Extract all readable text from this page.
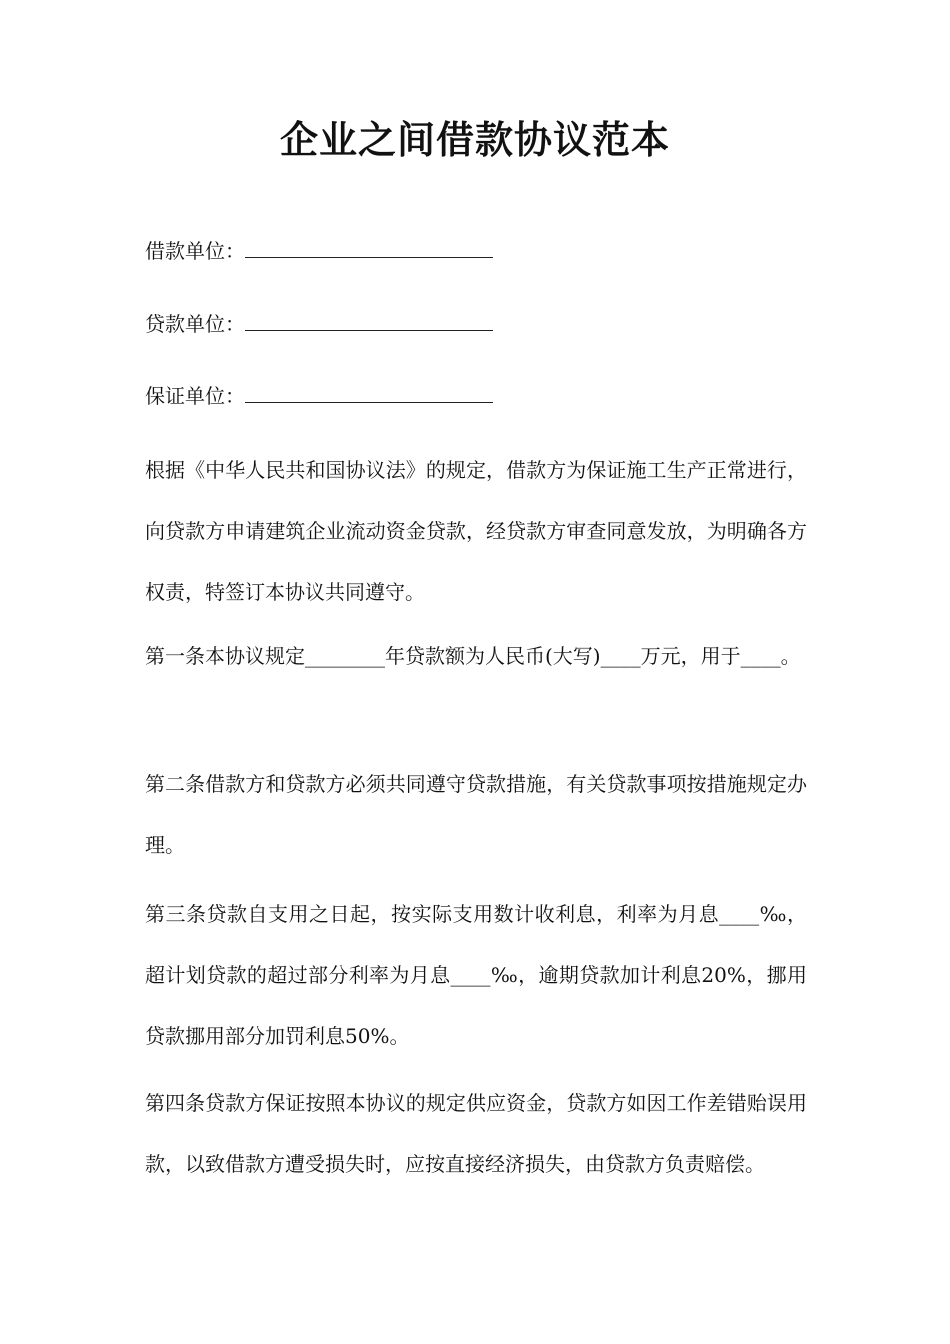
企业之间借款协议范本
借款单位：
贷款单位：
保证单位：

根据《中华人民共和国协议法》的规定，借款方为保证施工生产正常进行，向贷款方申请建筑企业流动资金贷款，经贷款方审查同意发放，为明确各方权责，特签订本协议共同遵守。

第一条本协议规定________年贷款额为人民币(大写)____万元，用于____。

第二条借款方和贷款方必须共同遵守贷款措施，有关贷款事项按措施规定办理。

第三条贷款自支用之日起，按实际支用数计收利息，利率为月息____‰，超计划贷款的超过部分利率为月息____‰，逾期贷款加计利息20%，挪用贷款挪用部分加罚利息50%。

第四条贷款方保证按照本协议的规定供应资金，贷款方如因工作差错贻误用款，以致借款方遭受损失时，应按直接经济损失，由贷款方负责赔偿。
